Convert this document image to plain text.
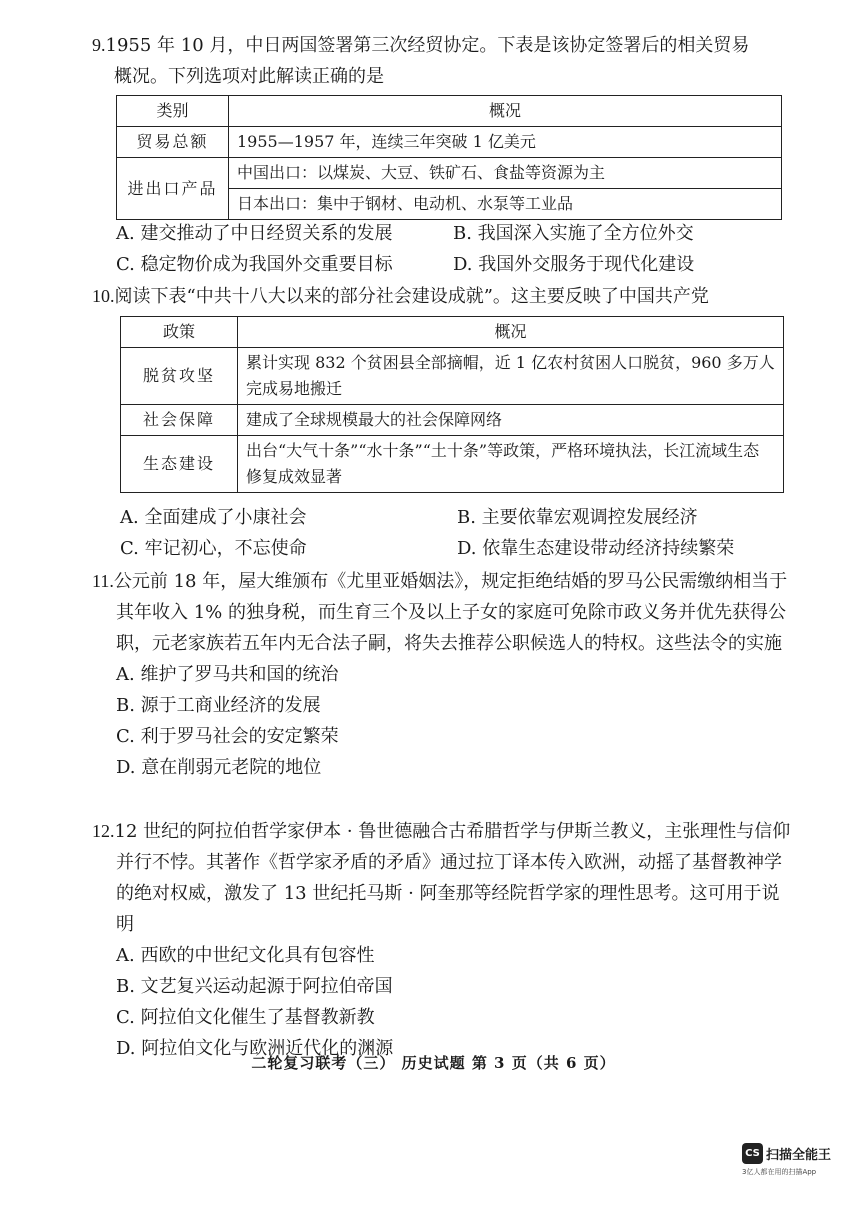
9.1955 年 10 月，中日两国签署第三次经贸协定。下表是该协定签署后的相关贸易
概况。下列选项对此解读正确的是

类别	概况
贸易总额	1955—1957 年，连续三年突破 1 亿美元
进出口产品	中国出口：以煤炭、大豆、铁矿石、食盐等资源为主
	日本出口：集中于钢材、电动机、水泵等工业品
A. 建交推动了中日经贸关系的发展	B. 我国深入实施了全方位外交
C. 稳定物价成为我国外交重要目标	D. 我国外交服务于现代化建设

10.阅读下表“中共十八大以来的部分社会建设成就”。这主要反映了中国共产党

政策	概况
脱贫攻坚	累计实现 832 个贫困县全部摘帽，近 1 亿农村贫困人口脱贫，960 多万人完成易地搬迁
社会保障	建成了全球规模最大的社会保障网络
生态建设	出台“大气十条”“水十条”“土十条”等政策，严格环境执法，长江流域生态修复成效显著
A. 全面建成了小康社会	B. 主要依靠宏观调控发展经济
C. 牢记初心，不忘使命	D. 依靠生态建设带动经济持续繁荣

11.公元前 18 年，屋大维颁布《尤里亚婚姻法》，规定拒绝结婚的罗马公民需缴纳相当于其年收入 1% 的独身税，而生育三个及以上子女的家庭可免除市政义务并优先获得公职，元老家族若五年内无合法子嗣，将失去推荐公职候选人的特权。这些法令的实施

A. 维护了罗马共和国的统治
B. 源于工商业经济的发展
C. 利于罗马社会的安定繁荣
D. 意在削弱元老院的地位

12.12 世纪的阿拉伯哲学家伊本 · 鲁世德融合古希腊哲学与伊斯兰教义，主张理性与信仰并行不悖。其著作《哲学家矛盾的矛盾》通过拉丁译本传入欧洲，动摇了基督教神学的绝对权威，激发了 13 世纪托马斯 · 阿奎那等经院哲学家的理性思考。这可用于说明

A. 西欧的中世纪文化具有包容性
B. 文艺复兴运动起源于阿拉伯帝国
C. 阿拉伯文化催生了基督教新教
D. 阿拉伯文化与欧洲近代化的渊源
二轮复习联考（三） 历史试题 第 3 页（共 6 页）
CS 扫描全能王
3亿人都在用的扫描App
